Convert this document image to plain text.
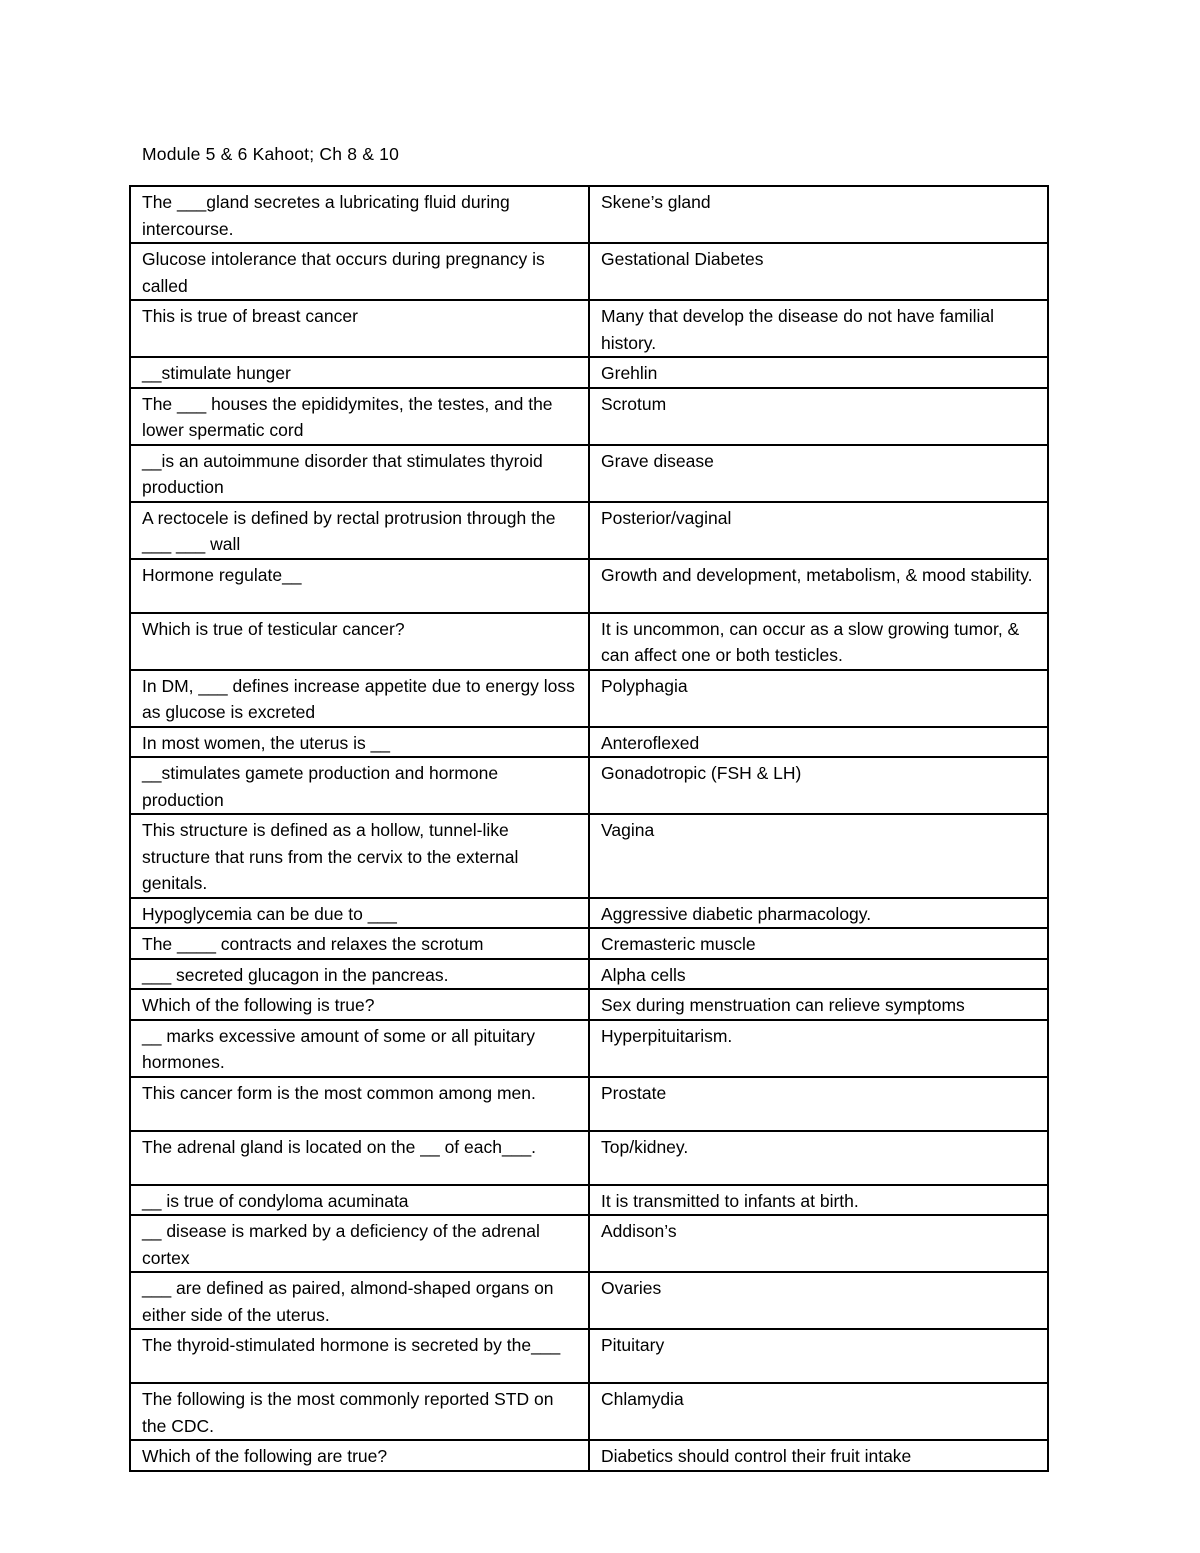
Module 5 & 6 Kahoot; Ch 8 & 10
The ___gland secretes a lubricating fluid during intercourse.	Skene’s gland
Glucose intolerance that occurs during pregnancy is called	Gestational Diabetes
This is true of breast cancer	Many that develop the disease do not have familial history.
__stimulate hunger	Grehlin
The ___ houses the epididymites, the testes, and the lower spermatic cord	Scrotum
__is an autoimmune disorder that stimulates thyroid production	Grave disease
A rectocele is defined by rectal protrusion through the ___ ___ wall	Posterior/vaginal
Hormone regulate__	Growth and development, metabolism, & mood stability.
Which is true of testicular cancer?	It is uncommon, can occur as a slow growing tumor, & can affect one or both testicles.
In DM, ___ defines increase appetite due to energy loss as glucose is excreted	Polyphagia
In most women, the uterus is __	Anteroflexed
__stimulates gamete production and hormone production	Gonadotropic (FSH & LH)
This structure is defined as a hollow, tunnel-like structure that runs from the cervix to the external genitals.	Vagina
Hypoglycemia can be due to ___	Aggressive diabetic pharmacology.
The ____ contracts and relaxes the scrotum	Cremasteric muscle
___ secreted glucagon in the pancreas.	Alpha cells
Which of the following is true?	Sex during menstruation can relieve symptoms
__ marks excessive amount of some or all pituitary hormones.	Hyperpituitarism.
This cancer form is the most common among men.	Prostate
The adrenal gland is located on the __ of each___.	Top/kidney.
__ is true of condyloma acuminata	It is transmitted to infants at birth.
__ disease is marked by a deficiency of the adrenal cortex	Addison’s
___ are defined as paired, almond-shaped organs on either side of the uterus.	Ovaries
The thyroid-stimulated hormone is secreted by the___	Pituitary
The following is the most commonly reported STD on the CDC.	Chlamydia
Which of the following are true?	Diabetics should control their fruit intake
